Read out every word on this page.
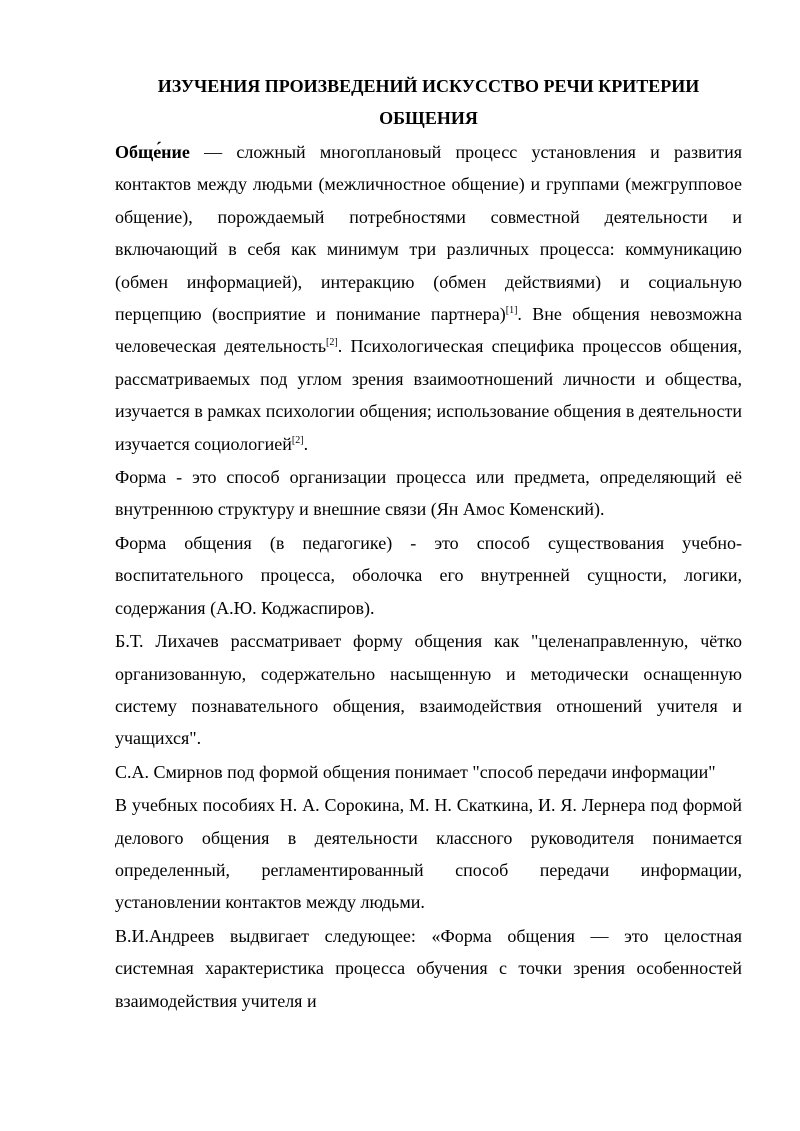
ИЗУЧЕНИЯ ПРОИЗВЕДЕНИЙ ИСКУССТВО РЕЧИ КРИТЕРИИ ОБЩЕНИЯ

Обще́ние — сложный многоплановый процесс установления и развития контактов между людьми (межличностное общение) и группами (межгрупповое общение), порождаемый потребностями совместной деятельности и включающий в себя как минимум три различных процесса: коммуникацию (обмен информацией), интеракцию (обмен действиями) и социальную перцепцию (восприятие и понимание партнера)[1]. Вне общения невозможна человеческая деятельность[2]. Психологическая специфика процессов общения, рассматриваемых под углом зрения взаимоотношений личности и общества, изучается в рамках психологии общения; использование общения в деятельности изучается социологией[2].

Форма - это способ организации процесса или предмета, определяющий её внутреннюю структуру и внешние связи (Ян Амос Коменский).

Форма общения (в педагогике) - это способ существования учебно-воспитательного процесса, оболочка его внутренней сущности, логики, содержания (А.Ю. Коджаспиров).

Б.Т. Лихачев рассматривает форму общения как "целенаправленную, чётко организованную, содержательно насыщенную и методически оснащенную систему познавательного общения, взаимодействия отношений учителя и учащихся".

С.А. Смирнов под формой общения понимает "способ передачи информации"

В учебных пособиях Н. А. Сорокина, М. Н. Скаткина, И. Я. Лернера под формой делового общения в деятельности классного руководителя понимается определенный, регламентированный способ передачи информации, установлении контактов между людьми.

В.И.Андреев выдвигает следующее: «Форма общения — это целостная системная характеристика процесса обучения с точки зрения особенностей взаимодействия учителя и
